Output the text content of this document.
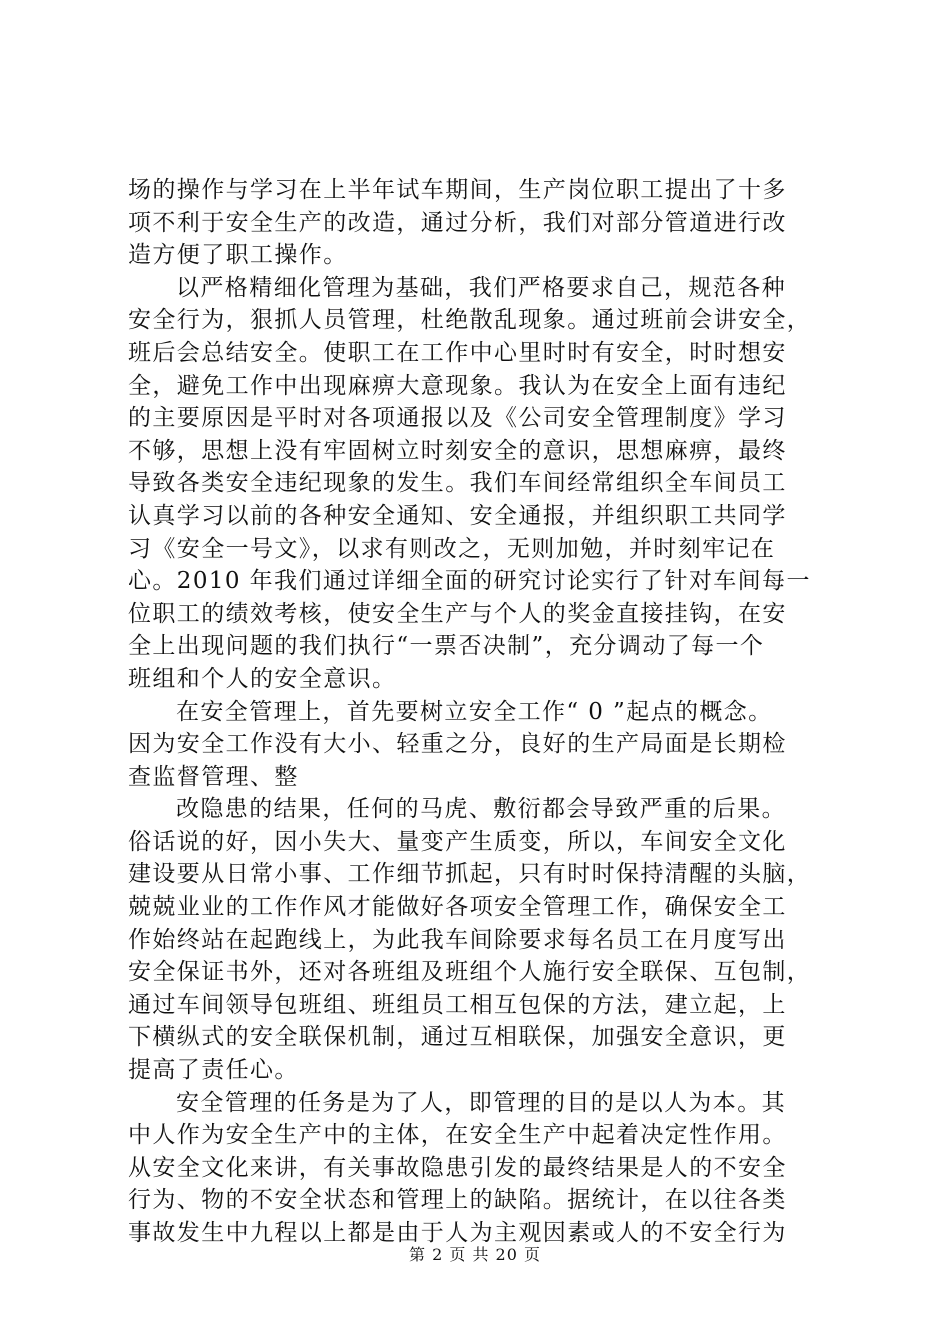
场的操作与学习在上半年试车期间，生产岗位职工提出了十多
项不利于安全生产的改造，通过分析，我们对部分管道进行改
造方便了职工操作。
以严格精细化管理为基础，我们严格要求自己，规范各种
安全行为，狠抓人员管理，杜绝散乱现象。通过班前会讲安全，
班后会总结安全。使职工在工作中心里时时有安全，时时想安
全，避免工作中出现麻痹大意现象。我认为在安全上面有违纪
的主要原因是平时对各项通报以及《公司安全管理制度》学习
不够，思想上没有牢固树立时刻安全的意识，思想麻痹，最终
导致各类安全违纪现象的发生。我们车间经常组织全车间员工
认真学习以前的各种安全通知、安全通报，并组织职工共同学
习《安全一号文》，以求有则改之，无则加勉，并时刻牢记在
心。2010 年我们通过详细全面的研究讨论实行了针对车间每一
位职工的绩效考核，使安全生产与个人的奖金直接挂钩，在安
全上出现问题的我们执行“一票否决制”，充分调动了每一个
班组和个人的安全意识。
在安全管理上，首先要树立安全工作“ 0 ”起点的概念。
因为安全工作没有大小、轻重之分，良好的生产局面是长期检
查监督管理、整
改隐患的结果，任何的马虎、敷衍都会导致严重的后果。
俗话说的好，因小失大、量变产生质变，所以，车间安全文化
建设要从日常小事、工作细节抓起，只有时时保持清醒的头脑，
兢兢业业的工作作风才能做好各项安全管理工作，确保安全工
作始终站在起跑线上，为此我车间除要求每名员工在月度写出
安全保证书外，还对各班组及班组个人施行安全联保、互包制，
通过车间领导包班组、班组员工相互包保的方法，建立起，上
下横纵式的安全联保机制，通过互相联保，加强安全意识，更
提高了责任心。
安全管理的任务是为了人，即管理的目的是以人为本。其
中人作为安全生产中的主体，在安全生产中起着决定性作用。
从安全文化来讲，有关事故隐患引发的最终结果是人的不安全
行为、物的不安全状态和管理上的缺陷。据统计，在以往各类
事故发生中九程以上都是由于人为主观因素或人的不安全行为
第 2 页 共 20 页
